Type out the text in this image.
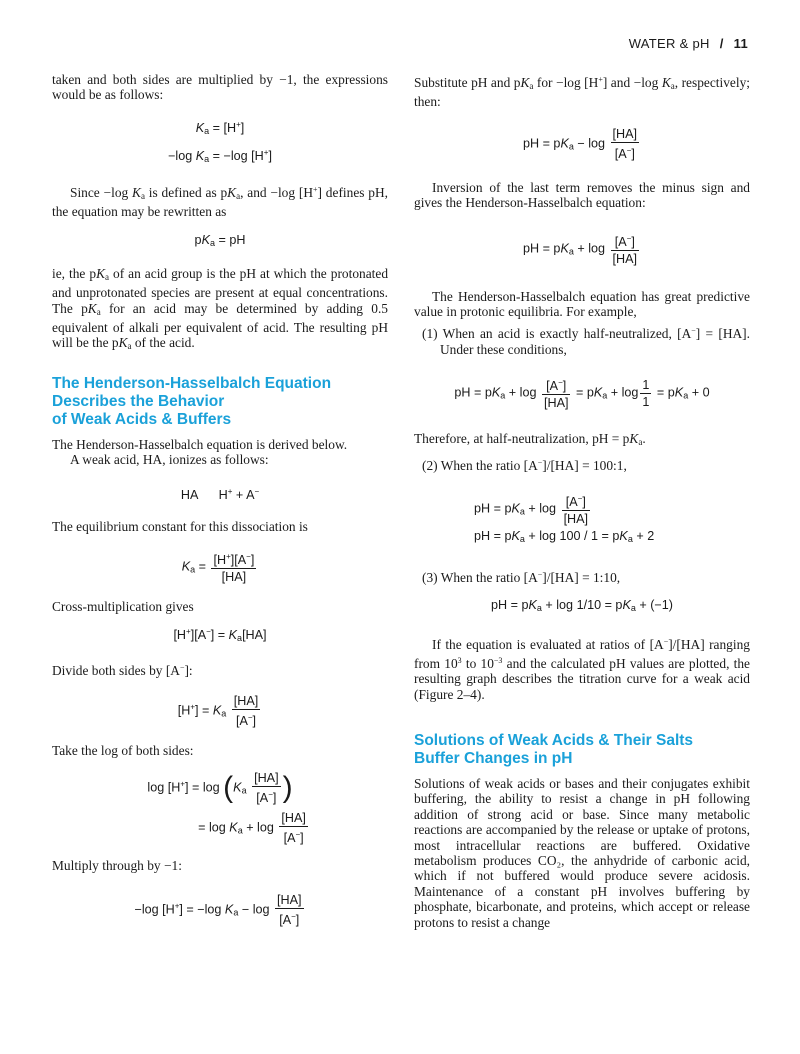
WATER & pH / 11

taken and both sides are multiplied by −1, the expressions would be as follows:

$K_a = [H^+]$
−log $K_a = -\log$ [H+]

Since −log $K_a$ is defined as $pK_a$, and −log [H+] defines pH, the equation may be rewritten as

$pK_a$ = pH

ie, the $pK_a$ of an acid group is the pH at which the protonated and unprotonated species are present at equal concentrations. The $pK_a$ for an acid may be determined by adding 0.5 equivalent of alkali per equivalent of acid. The resulting pH will be the $pK_a$ of the acid.

The Henderson-Hasselbalch Equation
Describes the Behavior
of Weak Acids & Buffers

The Henderson-Hasselbalch equation is derived below.

A weak acid, HA, ionizes as follows:

HA      H+ + A−

The equilibrium constant for this dissociation is

$K_a = \frac{[H^+][A^-]}{[HA]}$

Cross-multiplication gives

$[H^+][A^-] = K_a[HA]$

Divide both sides by [A−]:

$[H^+] = K_a \frac{[HA]}{[A^-]}$

Take the log of both sides:

$\log [H^+] = \log (K_a \frac{[HA]}{[A^-]}$ )
= $\log K_a + \log \frac{[HA]}{[A^-]}$

Multiply through by −1:

−log [H+] = −log $K_a - \log \frac{[HA]}{[A^-]}$

Substitute pH and $pK_a$ for −log [H+] and −log $K_a$, respectively; then:

pH = $pK_a - \log \frac{[HA]}{[A^-]}$

Inversion of the last term removes the minus sign and gives the Henderson-Hasselbalch equation:

pH = $pK_a + \log \frac{[A^-]}{[HA]}$

The Henderson-Hasselbalch equation has great predictive value in protonic equilibria. For example,

(1) When an acid is exactly half-neutralized, [A−] = [HA]. Under these conditions,

pH = $pK_a + \log \frac{[A^-]}{[HA]} = pK_a + \log \frac{1}{1} = pK_a + 0$

Therefore, at half-neutralization, pH = $pK_a$.

(2) When the ratio [A−]/[HA] = 100:1,

pH = $pK_a + \log \frac{[A^-]}{[HA]}$
pH = $pK_a + \log 100 / 1 = pK_a + 2$

(3) When the ratio [A−]/[HA] = 1:10,

pH = $pK_a + \log 1/10 = pK_a + (-1)$

If the equation is evaluated at ratios of [A−]/[HA] ranging from $10^3$ to $10^{-3}$ and the calculated pH values are plotted, the resulting graph describes the titration curve for a weak acid (Figure 2–4).

Solutions of Weak Acids & Their Salts
Buffer Changes in pH

Solutions of weak acids or bases and their conjugates exhibit buffering, the ability to resist a change in pH following addition of strong acid or base. Since many metabolic reactions are accompanied by the release or uptake of protons, most intracellular reactions are buffered. Oxidative metabolism produces CO₂, the anhydride of carbonic acid, which if not buffered would produce severe acidosis. Maintenance of a constant pH involves buffering by phosphate, bicarbonate, and proteins, which accept or release protons to resist a change
